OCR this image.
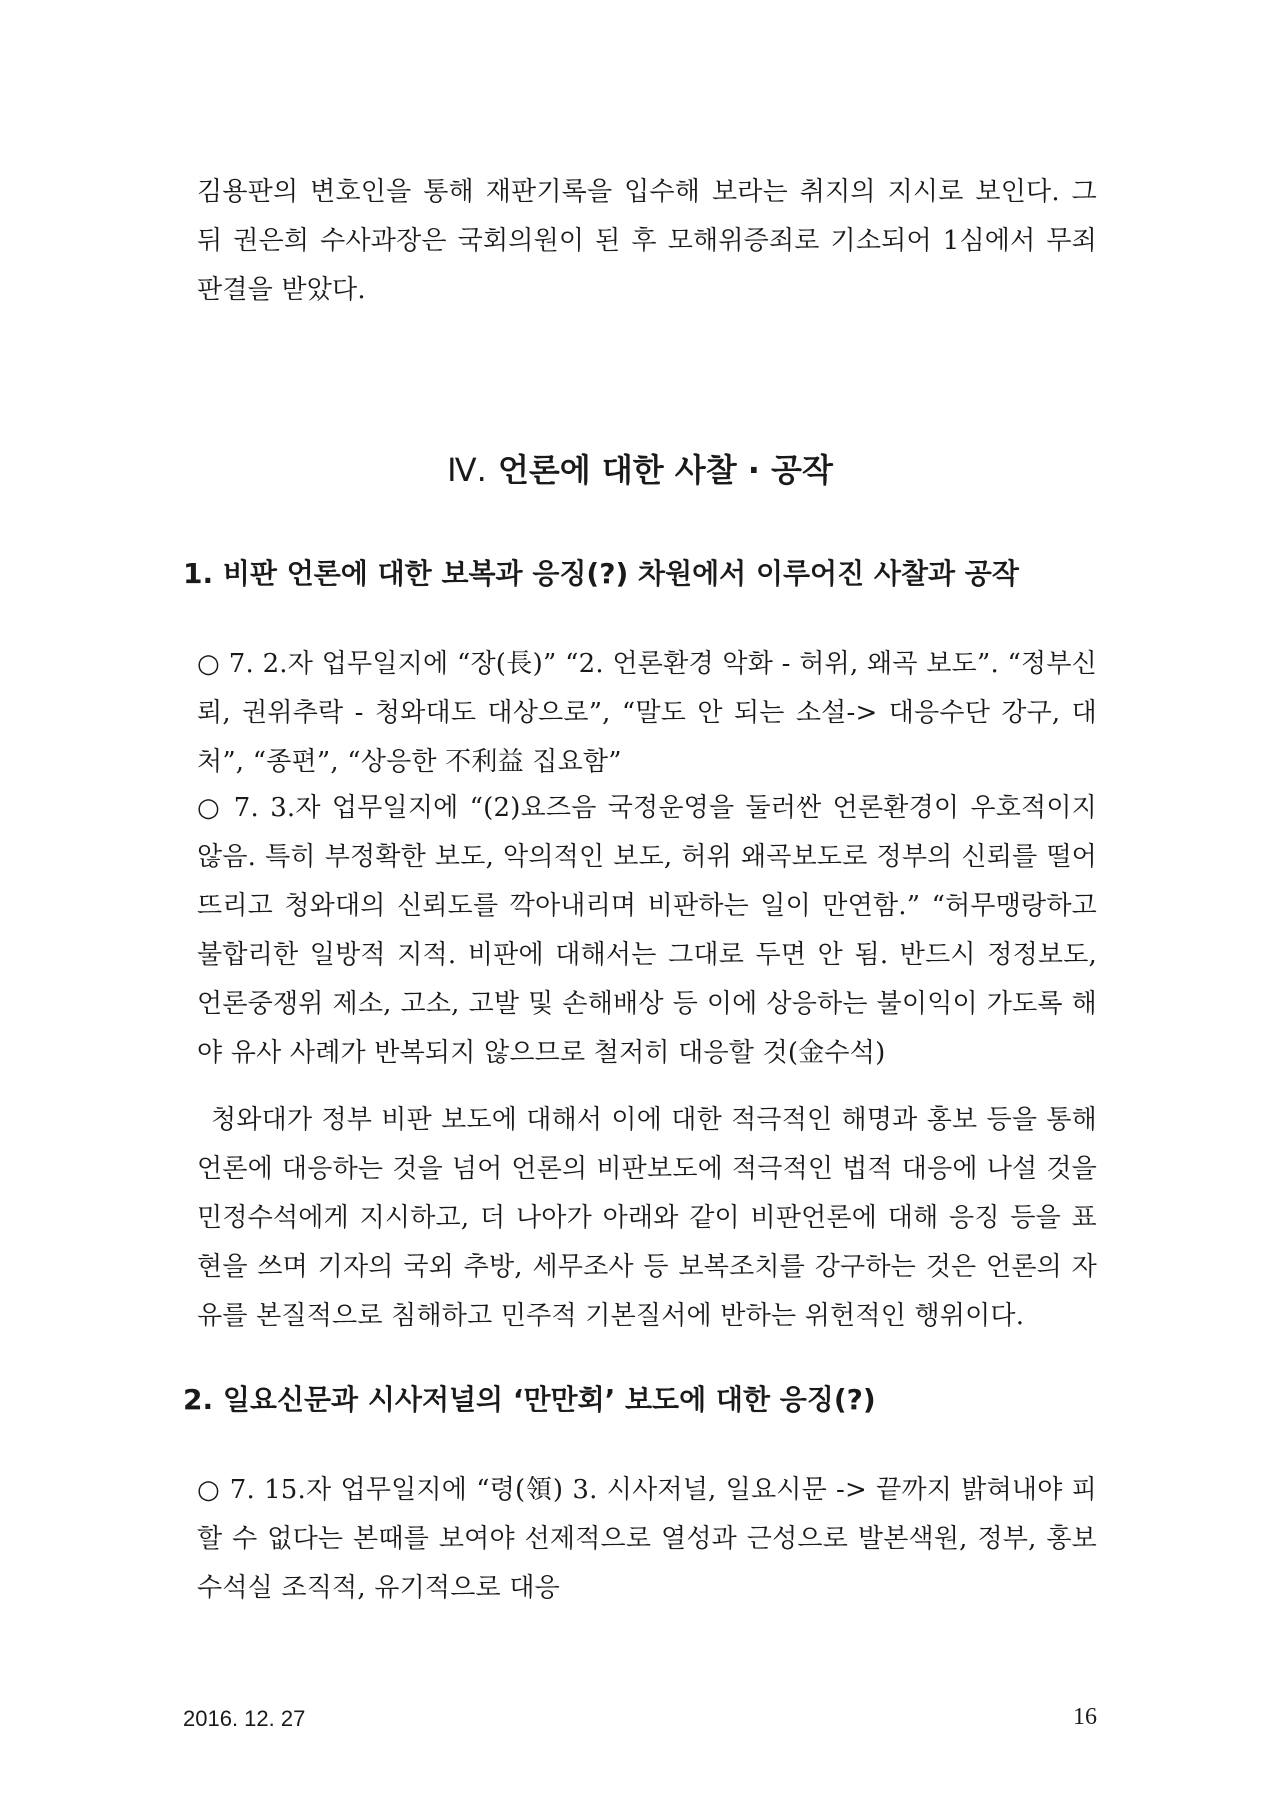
김용판의 변호인을 통해 재판기록을 입수해 보라는 취지의 지시로 보인다. 그 뒤 권은희 수사과장은 국회의원이 된 후 모해위증죄로 기소되어 1심에서 무죄판결을 받았다.

Ⅳ. 언론에 대한 사찰 · 공작
1. 비판 언론에 대한 보복과 응징(?) 차원에서 이루어진 사찰과 공작

○ 7. 2.자 업무일지에 “장(長)” “2. 언론환경 악화 - 허위, 왜곡 보도”. “정부신뢰, 권위추락 - 청와대도 대상으로”, “말도 안 되는 소설-> 대응수단 강구, 대처”, “종편”, “상응한 不利益 집요함”

○ 7. 3.자 업무일지에 “(2)요즈음 국정운영을 둘러싼 언론환경이 우호적이지 않음. 특히 부정확한 보도, 악의적인 보도, 허위 왜곡보도로 정부의 신뢰를 떨어뜨리고 청와대의 신뢰도를 깍아내리며 비판하는 일이 만연함.” “허무맹랑하고 불합리한 일방적 지적. 비판에 대해서는 그대로 두면 안 됨. 반드시 정정보도, 언론중쟁위 제소, 고소, 고발 및 손해배상 등 이에 상응하는 불이익이 가도록 해야 유사 사례가 반복되지 않으므로 철저히 대응할 것(金수석)

청와대가 정부 비판 보도에 대해서 이에 대한 적극적인 해명과 홍보 등을 통해 언론에 대응하는 것을 넘어 언론의 비판보도에 적극적인 법적 대응에 나설 것을 민정수석에게 지시하고, 더 나아가 아래와 같이 비판언론에 대해 응징 등을 표현을 쓰며 기자의 국외 추방, 세무조사 등 보복조치를 강구하는 것은 언론의 자유를 본질적으로 침해하고 민주적 기본질서에 반하는 위헌적인 행위이다.

2. 일요신문과 시사저널의 ‘만만회’ 보도에 대한 응징(?)

○ 7. 15.자 업무일지에 “령(領) 3. 시사저널, 일요시문 -> 끝까지 밝혀내야 피할 수 없다는 본때를 보여야 선제적으로 열성과 근성으로 발본색원, 정부, 홍보수석실 조직적, 유기적으로 대응

2016. 12. 27	16
